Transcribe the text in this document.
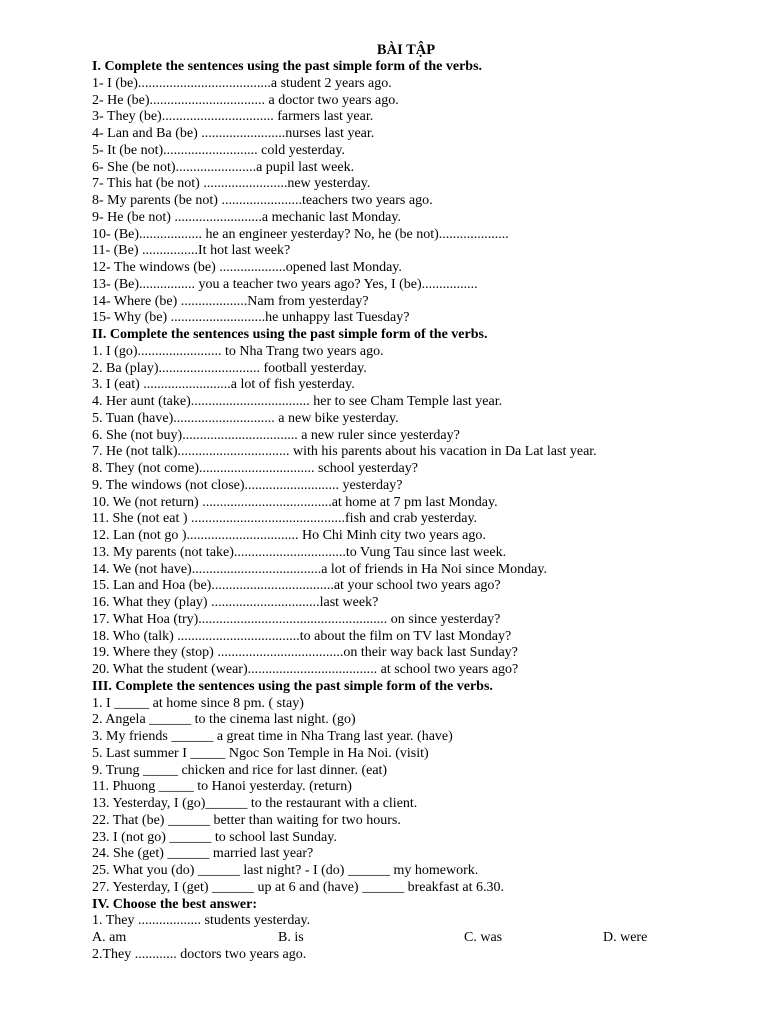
BÀI TẬP
I. Complete the sentences using the past simple form of the verbs.
1- I (be)......................................a student 2 years ago.
2- He (be)................................. a doctor two years ago.
3- They (be)................................ farmers last year.
4- Lan and Ba (be) ........................nurses last year.
5- It (be not)........................... cold yesterday.
6- She (be not).......................a pupil last week.
7- This hat (be not) ........................new yesterday.
8- My parents (be not) .......................teachers two years ago.
9- He (be not) .........................a mechanic last Monday.
10- (Be).................. he an engineer yesterday? No, he (be not)....................
11- (Be) ................It hot last week?
12- The windows (be) ...................opened last Monday.
13- (Be)................ you a teacher two years ago? Yes, I (be)................
14- Where (be) ...................Nam from yesterday?
15- Why (be) ...........................he unhappy last Tuesday?
II. Complete the sentences using the past simple form of the verbs.
1. I (go)........................ to Nha Trang two years ago.
2. Ba (play)............................. football yesterday.
3. I (eat) .........................a lot of fish yesterday.
4. Her aunt (take).................................. her to see Cham Temple last year.
5. Tuan (have)............................. a new bike yesterday.
6. She (not buy)................................. a new ruler since yesterday?
7. He (not talk)................................ with his parents about his vacation in Da Lat last year.
8. They (not come)................................. school yesterday?
9. The windows (not close)........................... yesterday?
10. We (not return) .....................................at home at 7 pm last Monday.
11. She (not eat ) ............................................fish and crab yesterday.
12. Lan (not go )................................ Ho Chi Minh city two years ago.
13. My parents (not take)................................to Vung Tau since last week.
14. We (not have).....................................a lot of friends in Ha Noi since Monday.
15. Lan and Hoa (be)...................................at your school two years ago?
16. What they (play) ...............................last week?
17. What Hoa (try)...................................................... on since yesterday?
18. Who (talk) ...................................to about the film on TV last Monday?
19. Where they (stop) ....................................on their way back last Sunday?
20. What the student (wear)..................................... at school two years ago?
III. Complete the sentences using the past simple form of the verbs.
1. I _____ at home since 8 pm. ( stay)
2. Angela ______ to the cinema last night. (go)
3. My friends ______ a great time in Nha Trang last year. (have)
5. Last summer I _____ Ngoc Son Temple in Ha Noi. (visit)
9. Trung _____ chicken and rice for last dinner. (eat)
11. Phuong _____ to Hanoi yesterday. (return)
13. Yesterday, I (go)______ to the restaurant with a client.
22. That (be) ______ better than waiting for two hours.
23. I (not go) ______ to school last Sunday.
24. She (get) ______ married last year?
25. What you (do) ______ last night? - I (do) ______ my homework.
27. Yesterday, I (get) ______ up at 6 and (have) ______ breakfast at 6.30.
IV. Choose the best answer:
1. They .................. students yesterday.
A. am	B. is	C. was	D. were
2.They ............ doctors two years ago.
